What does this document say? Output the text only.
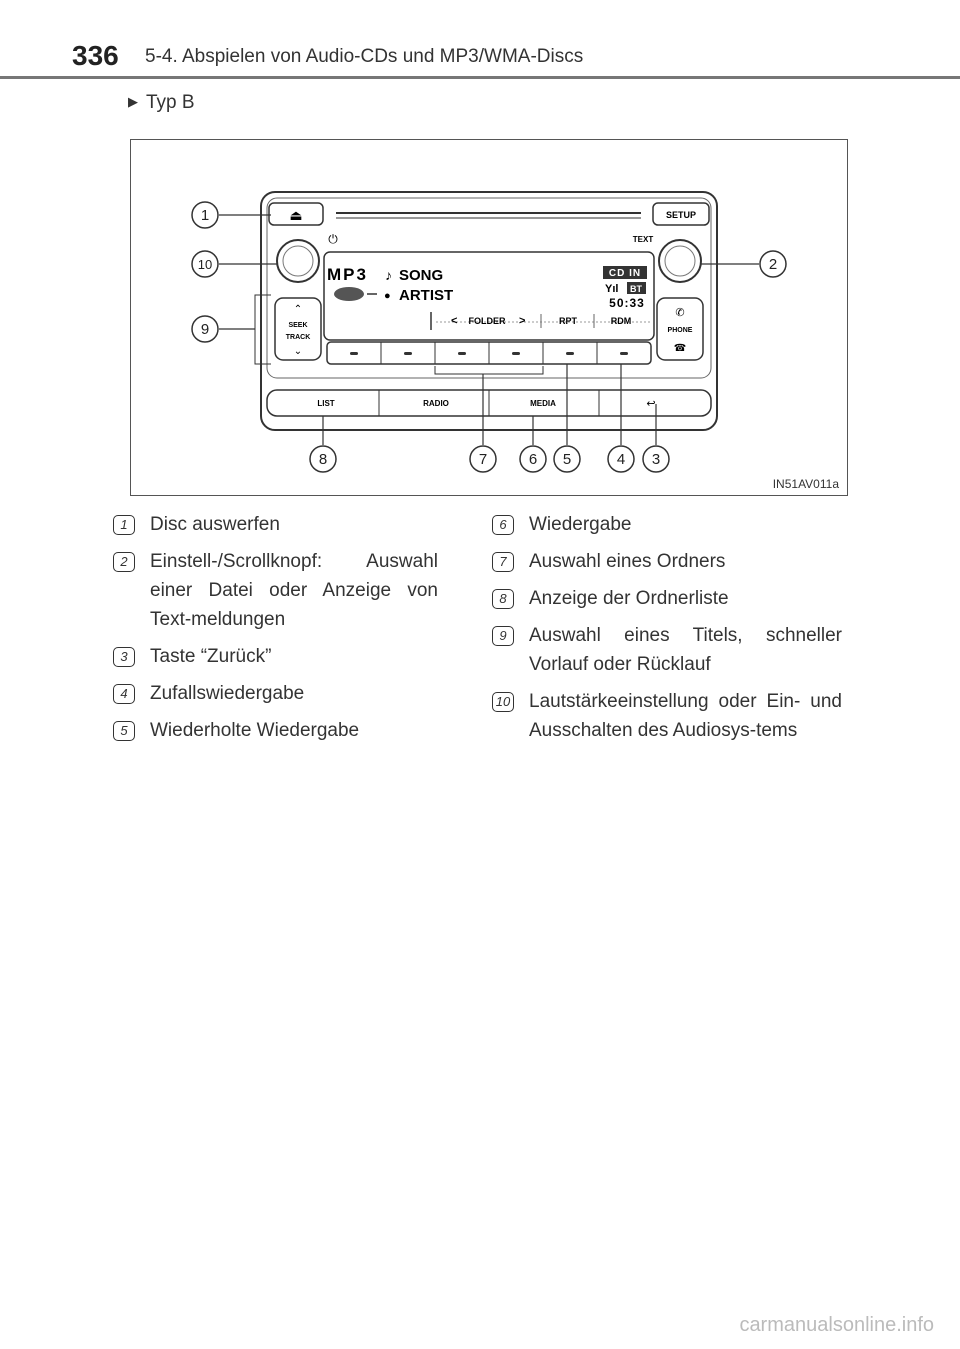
336 5-4. Abspielen von Audio-CDs und MP3/WMA-Discs
▶ Typ B
⏏	SETUP
⏻	TEXT
MP3 ♪ SONG
● ARTIST
CD IN
Yıl BT
50:33
< FOLDER >	RPT	RDM
⌃
SEEK
TRACK
⌄
✆
PHONE
☎
LIST	RADIO	MEDIA	↩
1
10
9
2
8	7	6 5	4 3
IN51AV011a
1	Disc auswerfen
2	Einstell-/Scrollknopf: Auswahl einer Datei oder Anzeige von Text-meldungen
3	Taste “Zurück”
4	Zufallswiedergabe
5	Wiederholte Wiedergabe
6	Wiedergabe
7	Auswahl eines Ordners
8	Anzeige der Ordnerliste
9	Auswahl eines Titels, schneller Vorlauf oder Rücklauf
10 Lautstärkeeinstellung oder Ein- und Ausschalten des Audiosys-tems
carmanualsonline.info
